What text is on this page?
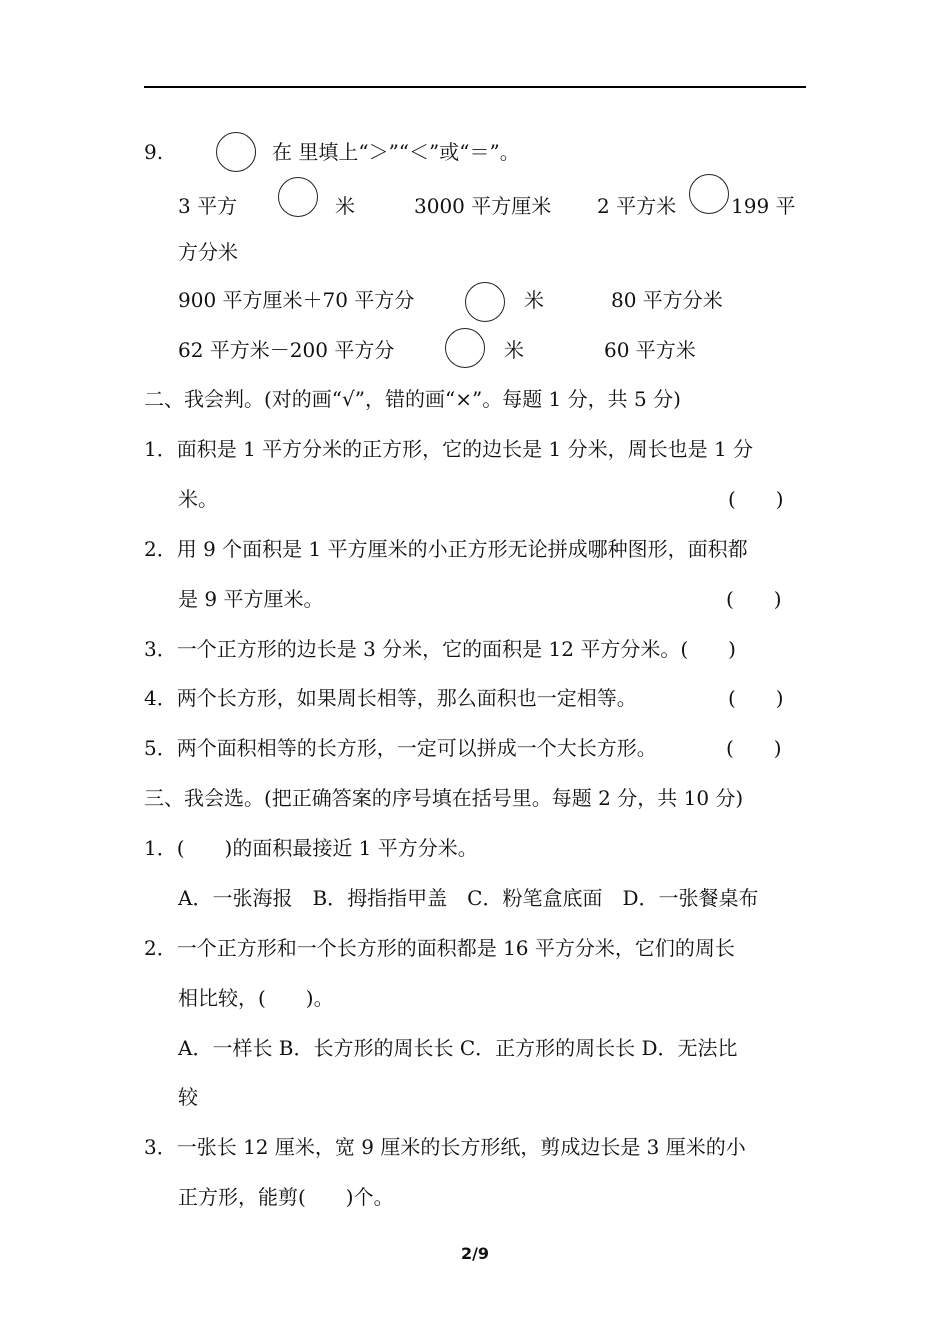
9.	在 里填上“＞”“＜”或“＝”。
3 平方	米	3000 平方厘米 2 平方米	199 平
方分米
900 平方厘米＋70 平方分	米	80 平方分米
62 平方米－200 平方分	米	60 平方米
二、我会判。(对的画“√”，错的画“×”。每题 1 分，共 5 分)
1．面积是 1 平方分米的正方形，它的边长是 1 分米，周长也是 1 分
米。	(　　)
2．用 9 个面积是 1 平方厘米的小正方形无论拼成哪种图形，面积都
是 9 平方厘米。	(　　)
3．一个正方形的边长是 3 分米，它的面积是 12 平方分米。(　　)
4．两个长方形，如果周长相等，那么面积也一定相等。	(　　)
5．两个面积相等的长方形，一定可以拼成一个大长方形。	(　　)
三、我会选。(把正确答案的序号填在括号里。每题 2 分，共 10 分)
1．(　　)的面积最接近 1 平方分米。
A．一张海报　B．拇指指甲盖　C．粉笔盒底面　D．一张餐桌布
2．一个正方形和一个长方形的面积都是 16 平方分米，它们的周长
相比较，(　　)。
A．一样长 B．长方形的周长长 C．正方形的周长长 D．无法比
较
3．一张长 12 厘米，宽 9 厘米的长方形纸，剪成边长是 3 厘米的小
正方形，能剪(　　)个。
2/9
